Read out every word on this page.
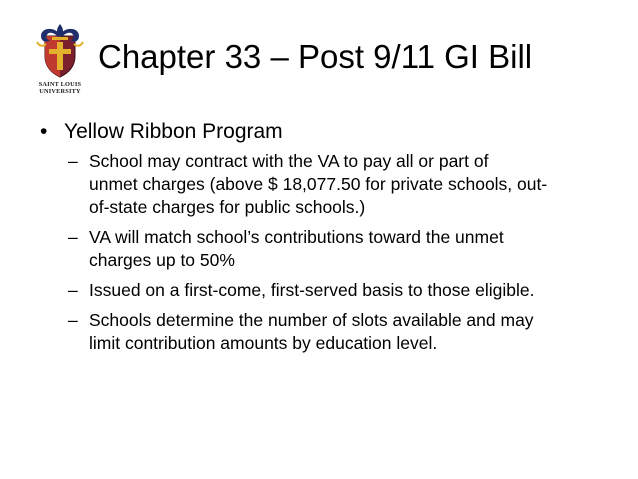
SAINT LOUIS
UNIVERSITY
Chapter 33 – Post 9/11 GI Bill
• Yellow Ribbon Program
– School may contract with the VA to pay all or part of
unmet charges (above $ 18,077.50 for private schools, out-
of-state charges for public schools.)
– VA will match school’s contributions toward the unmet
charges up to 50%
– Issued on a first-come, first-served basis to those eligible.
– Schools determine the number of slots available and may
limit contribution amounts by education level.
